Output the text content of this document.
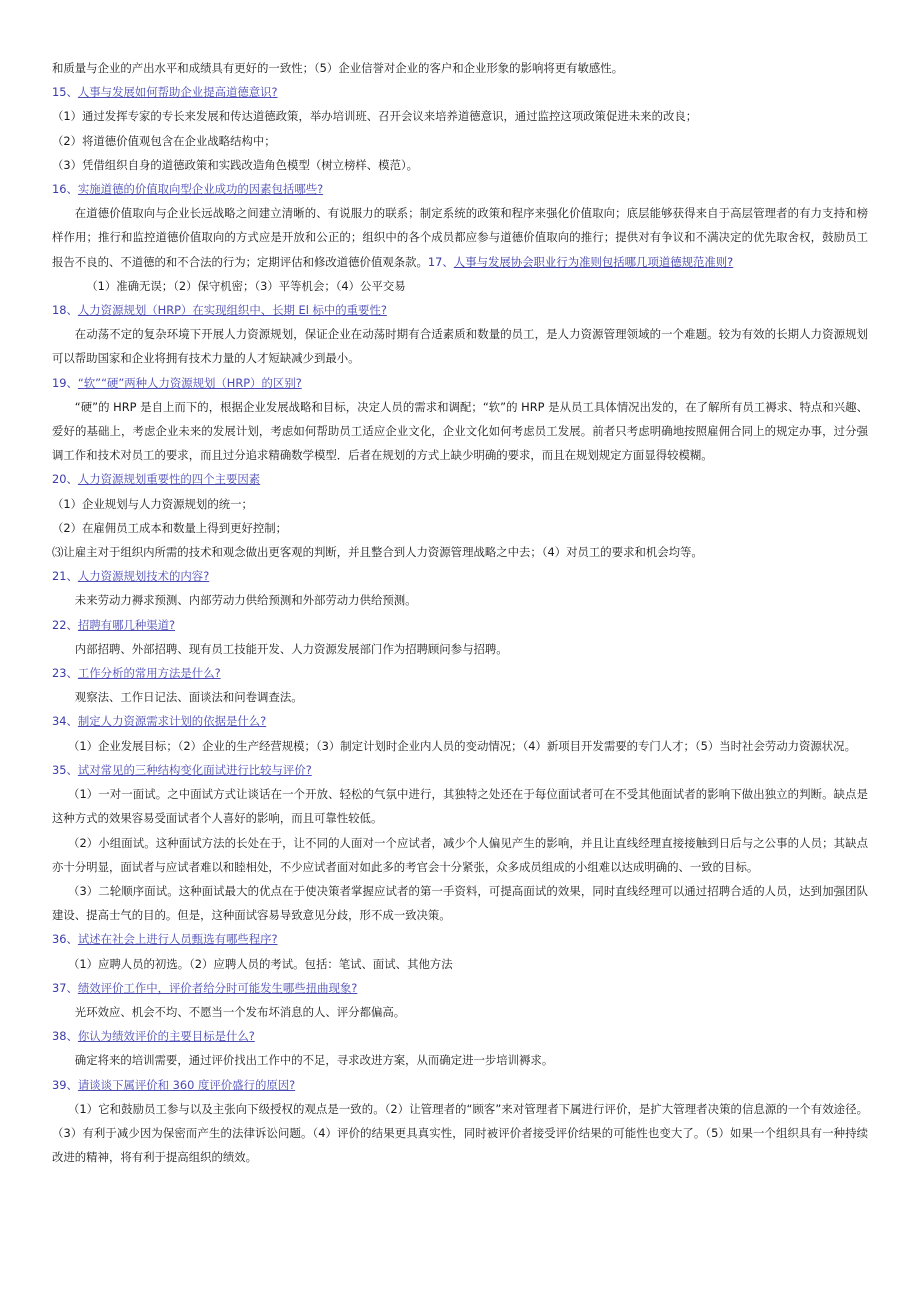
和质量与企业的产出水平和成绩具有更好的一致性；（5）企业信誉对企业的客户和企业形象的影响将更有敏感性。
15、人事与发展如何帮助企业提高道德意识?
（1）通过发挥专家的专长来发展和传达道德政策，举办培训班、召开会议来培养道德意识，通过监控这项政策促进未来的改良；
（2）将道德价值观包含在企业战略结构中；
（3）凭借组织自身的道德政策和实践改造角色模型（树立榜样、模范）。
16、实施道德的价值取向型企业成功的因素包括哪些?
在道德价值取向与企业长远战略之间建立清晰的、有说服力的联系；制定系统的政策和程序来强化价值取向；底层能够获得来自于高层管理者的有力支持和榜样作用；推行和监控道德价值取向的方式应是开放和公正的；组织中的各个成员都应参与道德价值取向的推行；提供对有争议和不满决定的优先取舍权，鼓励员工报告不良的、不道德的和不合法的行为；定期评估和修改道德价值观条款。17、人事与发展协会职业行为准则包括哪几项道德规范准则?
（1）准确无误；（2）保守机密；（3）平等机会；（4）公平交易
18、人力资源规划（HRP）在实现组织中、长期 El 标中的重要性?
在动荡不定的复杂环境下开展人力资源规划，保证企业在动荡时期有合适素质和数量的员工，是人力资源管理领域的一个难题。较为有效的长期人力资源规划可以帮助国家和企业将拥有技术力量的人才短缺减少到最小。
19、“软”“硬”两种人力资源规划（HRP）的区别?
“硬”的 HRP 是自上而下的，根据企业发展战略和目标，决定人员的需求和调配；“软”的 HRP 是从员工具体情况出发的，在了解所有员工褥求、特点和兴趣、爱好的基础上，考虑企业未来的发展计划，考虑如何帮助员工适应企业文化，企业文化如何考虑员工发展。前者只考虑明确地按照雇佣合同上的规定办事，过分强调工作和技术对员工的要求，而且过分追求精确数学模型．后者在规划的方式上缺少明确的要求，而且在规划规定方面显得较模糊。
20、人力资源规划重要性的四个主要因素
（1）企业规划与人力资源规划的统一；
（2）在雇佣员工成本和数量上得到更好控制；
⑶让雇主对于组织内所需的技术和观念做出更客观的判断，并且整合到人力资源管理战略之中去；（4）对员工的要求和机会均等。
21、人力资源规划技术的内容?
未来劳动力褥求预测、内部劳动力供给预测和外部劳动力供给预测。
22、招聘有哪几种渠道?
内部招聘、外部招聘、现有员工技能开发、人力资源发展部门作为招聘顾问参与招聘。
23、工作分析的常用方法是什么?
观察法、工作日记法、面谈法和问卷调查法。
34、制定人力资源需求计划的依据是什么?
（1）企业发展目标；（2）企业的生产经营规模；（3）制定计划时企业内人员的变动情况；（4）新项目开发需要的专门人才；（5）当时社会劳动力资源状况。
35、试对常见的三种结构变化面试进行比较与评价?
（1）一对一面试。之中面试方式让谈话在一个开放、轻松的气氛中进行，其独特之处还在于每位面试者可在不受其他面试者的影响下做出独立的判断。缺点是这种方式的效果容易受面试者个人喜好的影响，而且可靠性较低。
（2）小组面试。这种面试方法的长处在于，让不同的人面对一个应试者，减少个人偏见产生的影响，并且让直线经理直接接触到日后与之公事的人员；其缺点亦十分明显，面试者与应试者难以和睦相处，不少应试者面对如此多的考官会十分紧张，众多成员组成的小组难以达成明确的、一致的目标。
（3）二轮顺序面试。这种面试最大的优点在于使决策者掌握应试者的第一手资料，可提高面试的效果，同时直线经理可以通过招聘合适的人员，达到加强团队建设、提高士气的目的。但是，这种面试容易导致意见分歧，形不成一致决策。
36、试述在社会上进行人员甄选有哪些程序?
（1）应聘人员的初选。（2）应聘人员的考试。包括：笔试、面试、其他方法
37、绩效评价工作中，评价者给分时可能发生哪些扭曲现象?
光环效应、机会不均、不愿当一个发布坏消息的人、评分都偏高。
38、你认为绩效评价的主要目标是什么?
确定将来的培训需要，通过评价找出工作中的不足，寻求改进方案，从而确定进一步培训褥求。
39、请谈谈下属评价和 360 度评价盛行的原因?
（1）它和鼓励员工参与以及主张向下级授权的观点是一致的。（2）让管理者的“顾客”来对管理者下属进行评价，是扩大管理者决策的信息源的一个有效途径。（3）有利于减少因为保密而产生的法律诉讼问题。（4）评价的结果更具真实性，同时被评价者接受评价结果的可能性也变大了。（5）如果一个组织具有一种持续改进的精神，将有利于提高组织的绩效。
